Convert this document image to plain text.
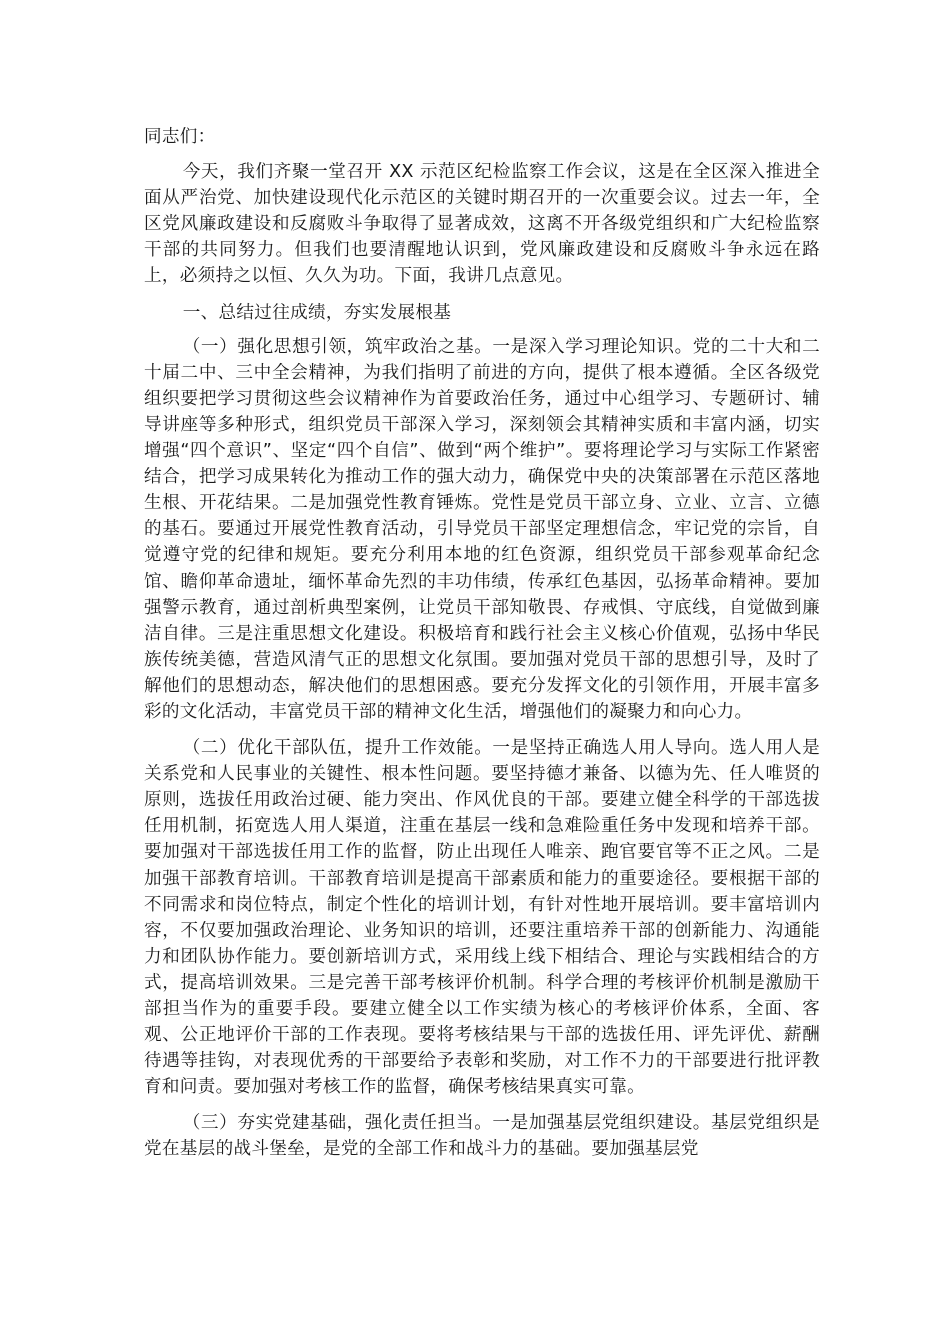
同志们：

今天，我们齐聚一堂召开 XX 示范区纪检监察工作会议，这是在全区深入推进全面从严治党、加快建设现代化示范区的关键时期召开的一次重要会议。过去一年，全区党风廉政建设和反腐败斗争取得了显著成效，这离不开各级党组织和广大纪检监察干部的共同努力。但我们也要清醒地认识到，党风廉政建设和反腐败斗争永远在路上，必须持之以恒、久久为功。下面，我讲几点意见。

一、总结过往成绩，夯实发展根基

（一）强化思想引领，筑牢政治之基。一是深入学习理论知识。党的二十大和二十届二中、三中全会精神，为我们指明了前进的方向，提供了根本遵循。全区各级党组织要把学习贯彻这些会议精神作为首要政治任务，通过中心组学习、专题研讨、辅导讲座等多种形式，组织党员干部深入学习，深刻领会其精神实质和丰富内涵，切实增强“四个意识”、坚定“四个自信”、做到“两个维护”。要将理论学习与实际工作紧密结合，把学习成果转化为推动工作的强大动力，确保党中央的决策部署在示范区落地生根、开花结果。二是加强党性教育锤炼。党性是党员干部立身、立业、立言、立德的基石。要通过开展党性教育活动，引导党员干部坚定理想信念，牢记党的宗旨，自觉遵守党的纪律和规矩。要充分利用本地的红色资源，组织党员干部参观革命纪念馆、瞻仰革命遗址，缅怀革命先烈的丰功伟绩，传承红色基因，弘扬革命精神。要加强警示教育，通过剖析典型案例，让党员干部知敬畏、存戒惧、守底线，自觉做到廉洁自律。三是注重思想文化建设。积极培育和践行社会主义核心价值观，弘扬中华民族传统美德，营造风清气正的思想文化氛围。要加强对党员干部的思想引导，及时了解他们的思想动态，解决他们的思想困惑。要充分发挥文化的引领作用，开展丰富多彩的文化活动，丰富党员干部的精神文化生活，增强他们的凝聚力和向心力。

（二）优化干部队伍，提升工作效能。一是坚持正确选人用人导向。选人用人是关系党和人民事业的关键性、根本性问题。要坚持德才兼备、以德为先、任人唯贤的原则，选拔任用政治过硬、能力突出、作风优良的干部。要建立健全科学的干部选拔任用机制，拓宽选人用人渠道，注重在基层一线和急难险重任务中发现和培养干部。要加强对干部选拔任用工作的监督，防止出现任人唯亲、跑官要官等不正之风。二是加强干部教育培训。干部教育培训是提高干部素质和能力的重要途径。要根据干部的不同需求和岗位特点，制定个性化的培训计划，有针对性地开展培训。要丰富培训内容，不仅要加强政治理论、业务知识的培训，还要注重培养干部的创新能力、沟通能力和团队协作能力。要创新培训方式，采用线上线下相结合、理论与实践相结合的方式，提高培训效果。三是完善干部考核评价机制。科学合理的考核评价机制是激励干部担当作为的重要手段。要建立健全以工作实绩为核心的考核评价体系，全面、客观、公正地评价干部的工作表现。要将考核结果与干部的选拔任用、评先评优、薪酬待遇等挂钩，对表现优秀的干部要给予表彰和奖励，对工作不力的干部要进行批评教育和问责。要加强对考核工作的监督，确保考核结果真实可靠。

（三）夯实党建基础，强化责任担当。一是加强基层党组织建设。基层党组织是党在基层的战斗堡垒，是党的全部工作和战斗力的基础。要加强基层党
